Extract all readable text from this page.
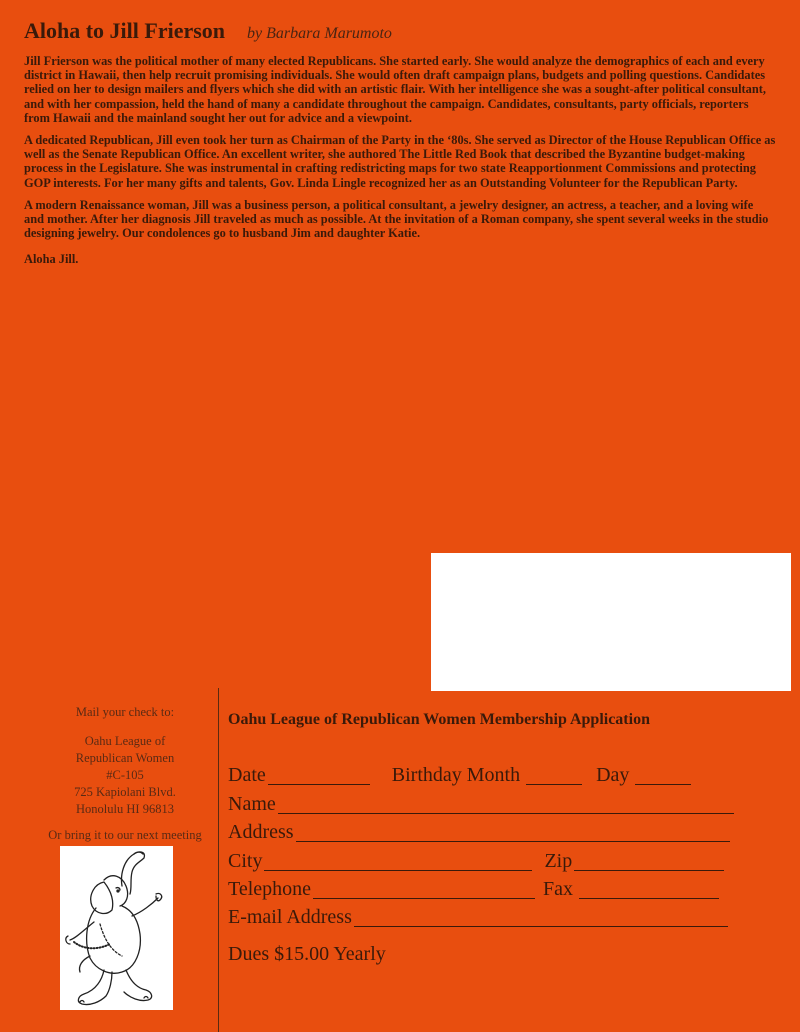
Aloha to Jill Frierson by Barbara Marumoto

Jill Frierson was the political mother of many elected Republicans. She started early. She would analyze the demographics of each and every district in Hawaii, then help recruit promising individuals. She would often draft campaign plans, budgets and polling questions. Candidates relied on her to design mailers and flyers which she did with an artistic flair. With her intelligence she was a sought-after political consultant, and with her compassion, held the hand of many a candidate throughout the campaign. Candidates, consultants, party officials, reporters from Hawaii and the mainland sought her out for advice and a viewpoint.

A dedicated Republican, Jill even took her turn as Chairman of the Party in the ‘80s. She served as Director of the House Republican Office as well as the Senate Republican Office. An excellent writer, she authored The Little Red Book that described the Byzantine budget-making process in the Legislature. She was instrumental in crafting redistricting maps for two state Reapportionment Commissions and protecting GOP interests. For her many gifts and talents, Gov. Linda Lingle recognized her as an Outstanding Volunteer for the Republican Party.

A modern Renaissance woman, Jill was a business person, a political consultant, a jewelry designer, an actress, a teacher, and a loving wife and mother. After her diagnosis Jill traveled as much as possible. At the invitation of a Roman company, she spent several weeks in the studio designing jewelry. Our condolences go to husband Jim and daughter Katie.

Aloha Jill.
Mail your check to:
Oahu League of
Republican Women
#C-105
725 Kapiolani Blvd.
Honolulu HI 96813
Or bring it to our next meeting
Oahu League of Republican Women Membership Application
Date	Birthday Month	Day
Name
Address
City	Zip
Telephone	Fax
E-mail Address
Dues $15.00 Yearly
